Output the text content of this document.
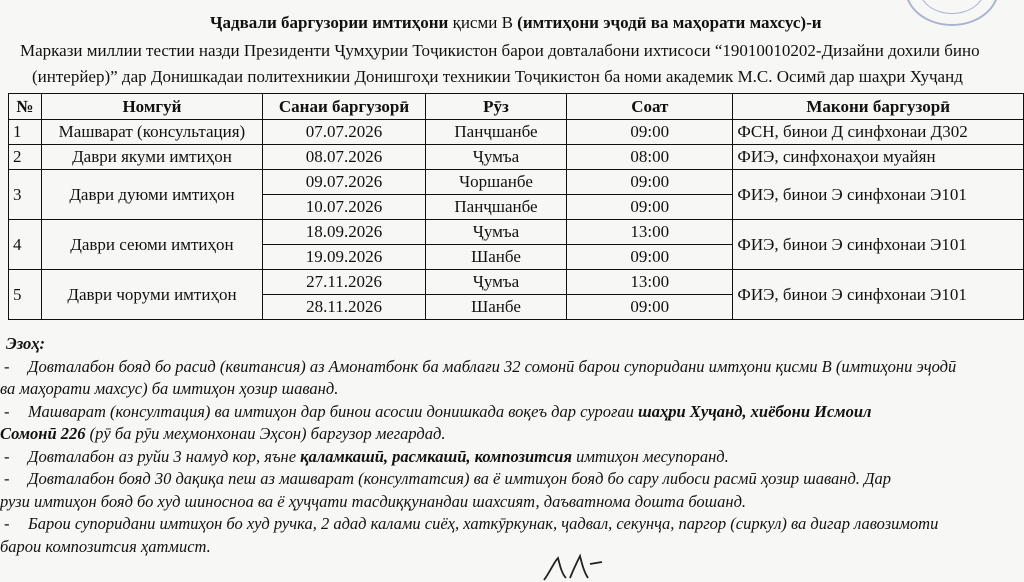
Ҷадвали баргузории имтиҳони қисми В (имтиҳони эҷодӣ ва маҳорати махсус)-и
Маркази миллии тестии назди Президенти Ҷумҳурии Тоҷикистон барои довталабони ихтисоси “19010010202-Дизайни дохили бино
(интерйер)” дар Донишкадаи политехникии Донишгоҳи техникии Тоҷикистон ба номи академик М.С. Осимӣ дар шаҳри Хуҷанд
№	Номгуй	Санаи баргузорӣ	Рӯз	Соат	Макони баргузорӣ
1	Машварат (консультация)	07.07.2026	Панҷшанбе	09:00	ФСН, бинои Д синфхонаи Д302
2	Даври якуми имтиҳон	08.07.2026	Ҷумъа	08:00	ФИЭ, синфхонаҳои муайян
3	Даври дуюми имтиҳон	09.07.2026	Чоршанбе	09:00	ФИЭ, бинои Э синфхонаи Э101
		10.07.2026	Панҷшанбе	09:00	
4	Даври сеюми имтиҳон	18.09.2026	Ҷумъа	13:00	ФИЭ, бинои Э синфхонаи Э101
		19.09.2026	Шанбе	09:00	
5	Даври чоруми имтиҳон	27.11.2026	Ҷумъа	13:00	ФИЭ, бинои Э синфхонаи Э101
		28.11.2026	Шанбе	09:00	
Эзоҳ:
- Довталабон бояд бо расид (квитансия) аз Амонатбонк ба маблағи 32 сомонӣ барои супоридани имтҳони қисми В (имтиҳони эҷодӣ
ва маҳорати махсус) ба имтиҳон ҳозир шаванд.
- Машварат (консултация) ва имтиҳон дар бинои асосии донишкада воқеъ дар суроғаи шаҳри Хуҷанд, хиёбони Исмоил
Сомонӣ 226 (рӯ ба рӯи меҳмонхонаи Эҳсон) баргузор мегардад.
- Довталабон аз руйи 3 намуд кор, яъне қаламкашӣ, расмкашӣ, композитсия имтиҳон месупоранд.
- Довталабон бояд 30 дақиқа пеш аз машварат (консултатсия) ва ё имтиҳон бояд бо сару либоси расмӣ ҳозир шаванд. Дар
рузи имтиҳон бояд бо худ шиносноа ва ё ҳуҷҷати тасдиққунандаи шахсият, даъватнома дошта бошанд.
- Барои супоридани имтиҳон бо худ ручка, 2 адад калами сиёҳ, хаткӯркунак, ҷадвал, секунҷа, паргор (сиркул) ва дигар лавозимоти
барои композитсия ҳатмист.
